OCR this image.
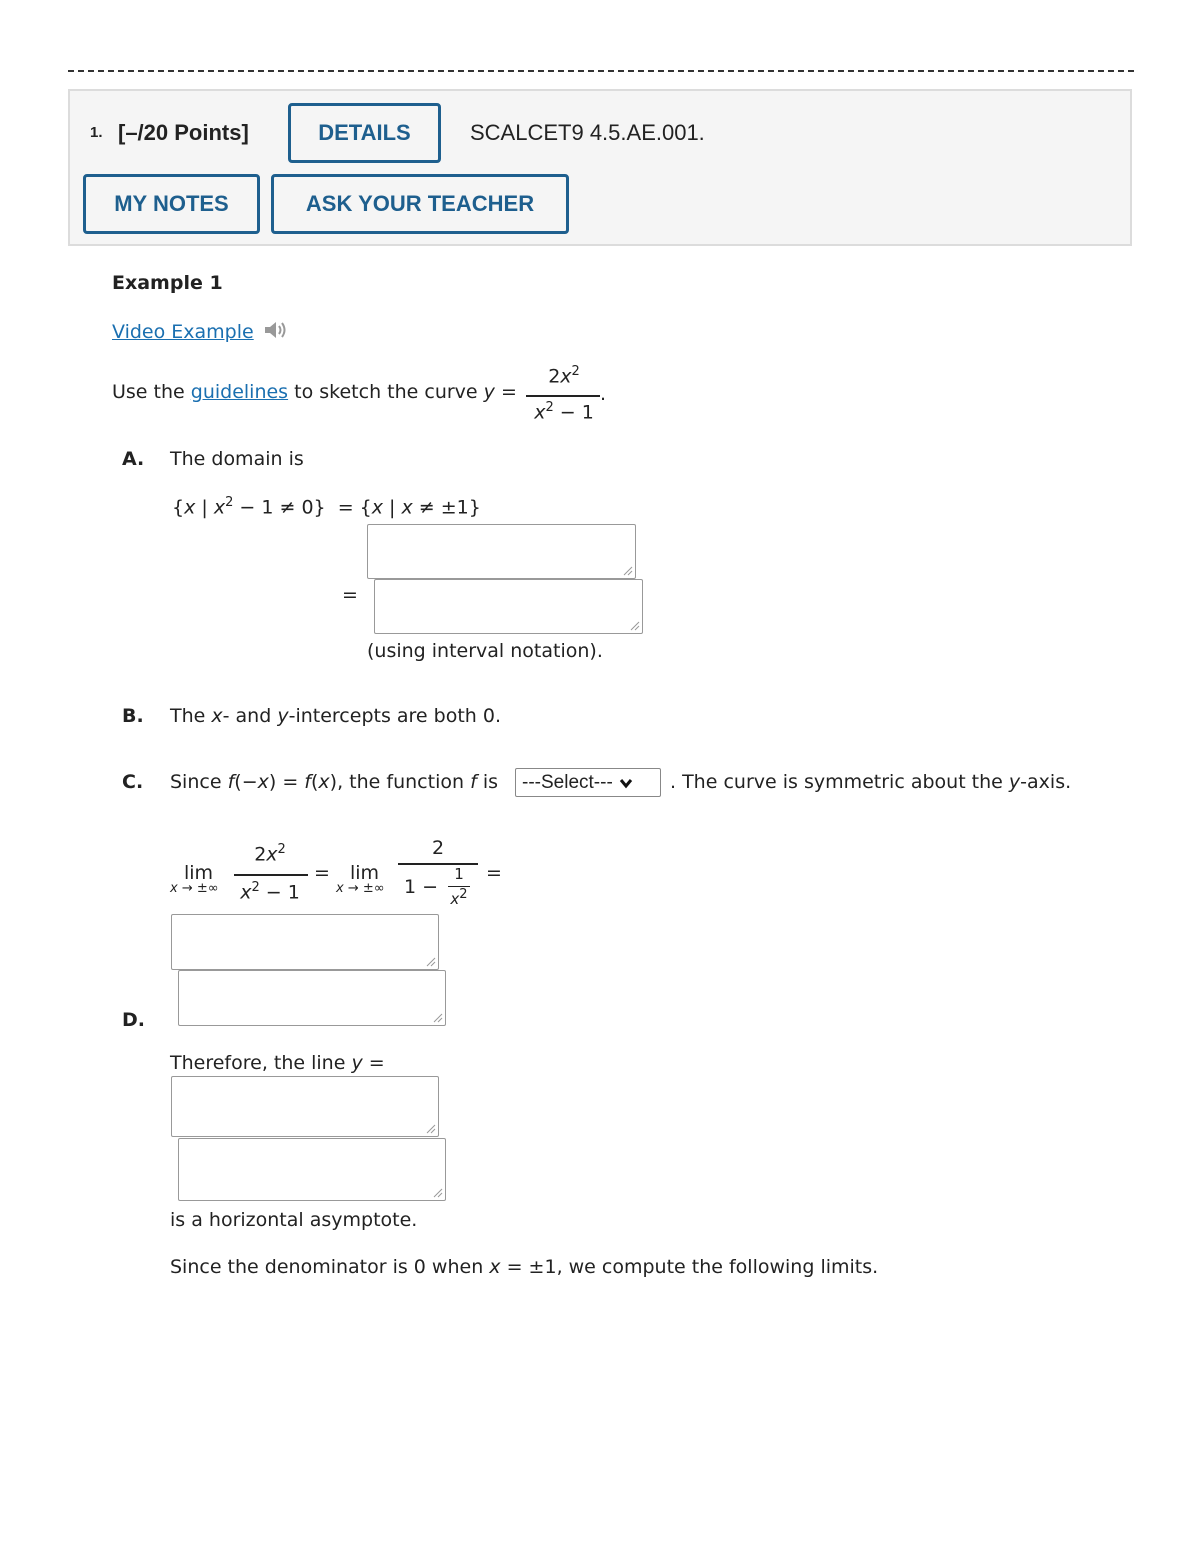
1. [–/20 Points]	DETAILS	SCALCET9 4.5.AE.001.
MY NOTES	ASK YOUR TEACHER
Example 1
Video Example
Use the guidelines to sketch the curve y =
$2x^2$
$x^2 - 1$
.
A. The domain is
{x | $x^2 - 1 \ne 0\} = \{x$ | x ≠ ±1}
=
(using interval notation).
B. The x- and y-intercepts are both 0.
C. Since f(−x) = f(x), the function f is ---Select---	. The curve is symmetric about the y-axis.
lim
x → ±∞
$2x^2$
$x^2 - 1$
= lim
x → ±∞
2
1 −
1
$x^2$
=
D.
Therefore, the line y =
is a horizontal asymptote.
Since the denominator is 0 when x = ±1, we compute the following limits.
